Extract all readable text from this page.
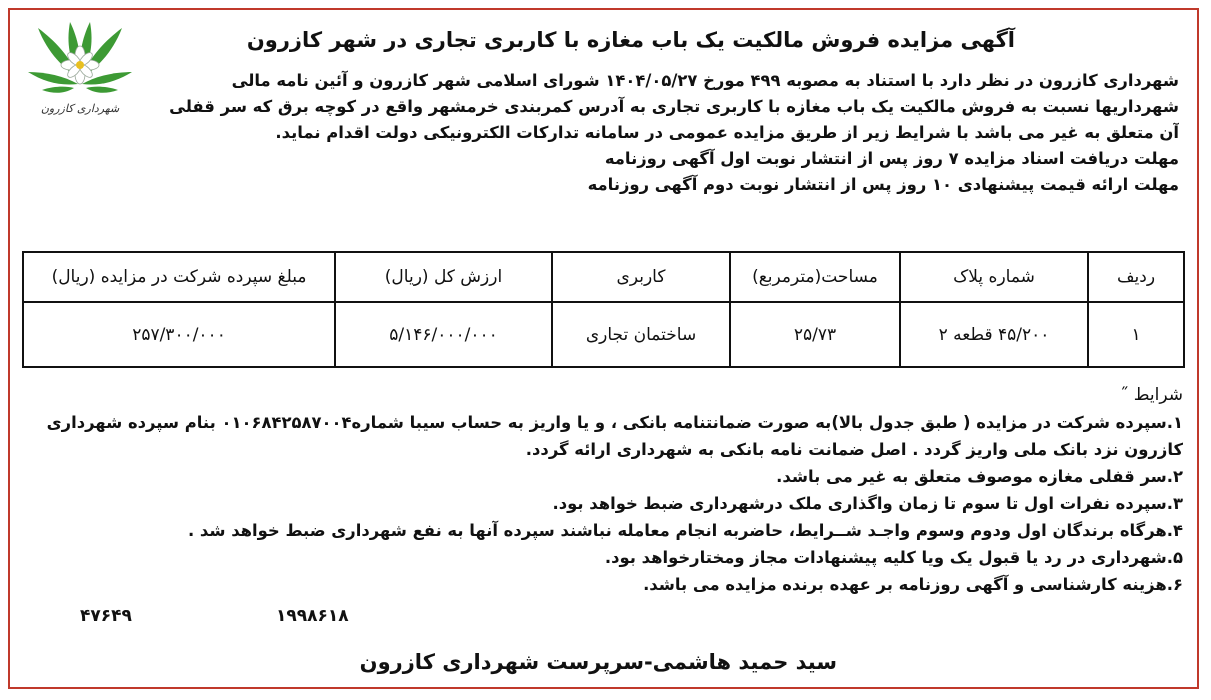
شهرداری کازرون
آگهی مزایده فروش مالکیت یک باب مغازه با کاربری تجاری در شهر کازرون
شهرداری کازرون در نظر دارد با استناد به مصوبه ۴۹۹ مورخ ۱۴۰۴/۰۵/۲۷ شورای اسلامی شهر کازرون و آئین نامه مالی
شهرداریها نسبت به فروش مالکیت یک باب مغازه با کاربری تجاری به آدرس کمربندی خرمشهر واقع در کوچه برق که سر قفلی
آن متعلق به غیر می باشد با شرایط زیر از طریق مزایده عمومی در سامانه تدارکات الکترونیکی دولت اقدام نماید.
مهلت دریافت اسناد مزایده ۷ روز پس از انتشار نوبت اول آگهی روزنامه
مهلت ارائه قیمت پیشنهادی ۱۰ روز پس از انتشار نوبت دوم آگهی روزنامه
ردیف
شماره پلاک
مساحت(مترمربع)
کاربری
ارزش کل (ریال)
مبلغ سپرده شرکت در مزایده (ریال)
۱
۴۵/۲۰۰ قطعه ۲
۲۵/۷۳
ساختمان تجاری
۵/۱۴۶/۰۰۰/۰۰۰
۲۵۷/۳۰۰/۰۰۰
شرایط ˝
۱.سپرده شرکت در مزایده ( طبق جدول بالا)به صورت ضمانتنامه بانکی ، و یا واریز به حساب سیبا شماره۰۱۰۶۸۴۲۵۸۷۰۰۴ بنام سپرده شهرداری
کازرون نزد بانک ملی واریز گردد . اصل ضمانت نامه بانکی به شهرداری ارائه گردد.
۲.سر قفلی مغازه موصوف متعلق به غیر می باشد.
۳.سپرده نفرات اول تا سوم تا زمان واگذاری ملک درشهرداری ضبط خواهد بود.
۴.هرگاه برندگان اول ودوم وسوم واجـد شــرایط، حاضربه انجام معامله نباشند سپرده آنها به نفع شهرداری ضبط خواهد شد .
۵.شهرداری در رد یا قبول یک ویا کلیه پیشنهادات مجاز ومختارخواهد بود.
۶.هزینه کارشناسی و آگهی روزنامه بر عهده برنده مزایده می باشد.
۱۹۹۸۶۱۸
۴۷۶۴۹
سید حمید هاشمی-سرپرست شهرداری کازرون
